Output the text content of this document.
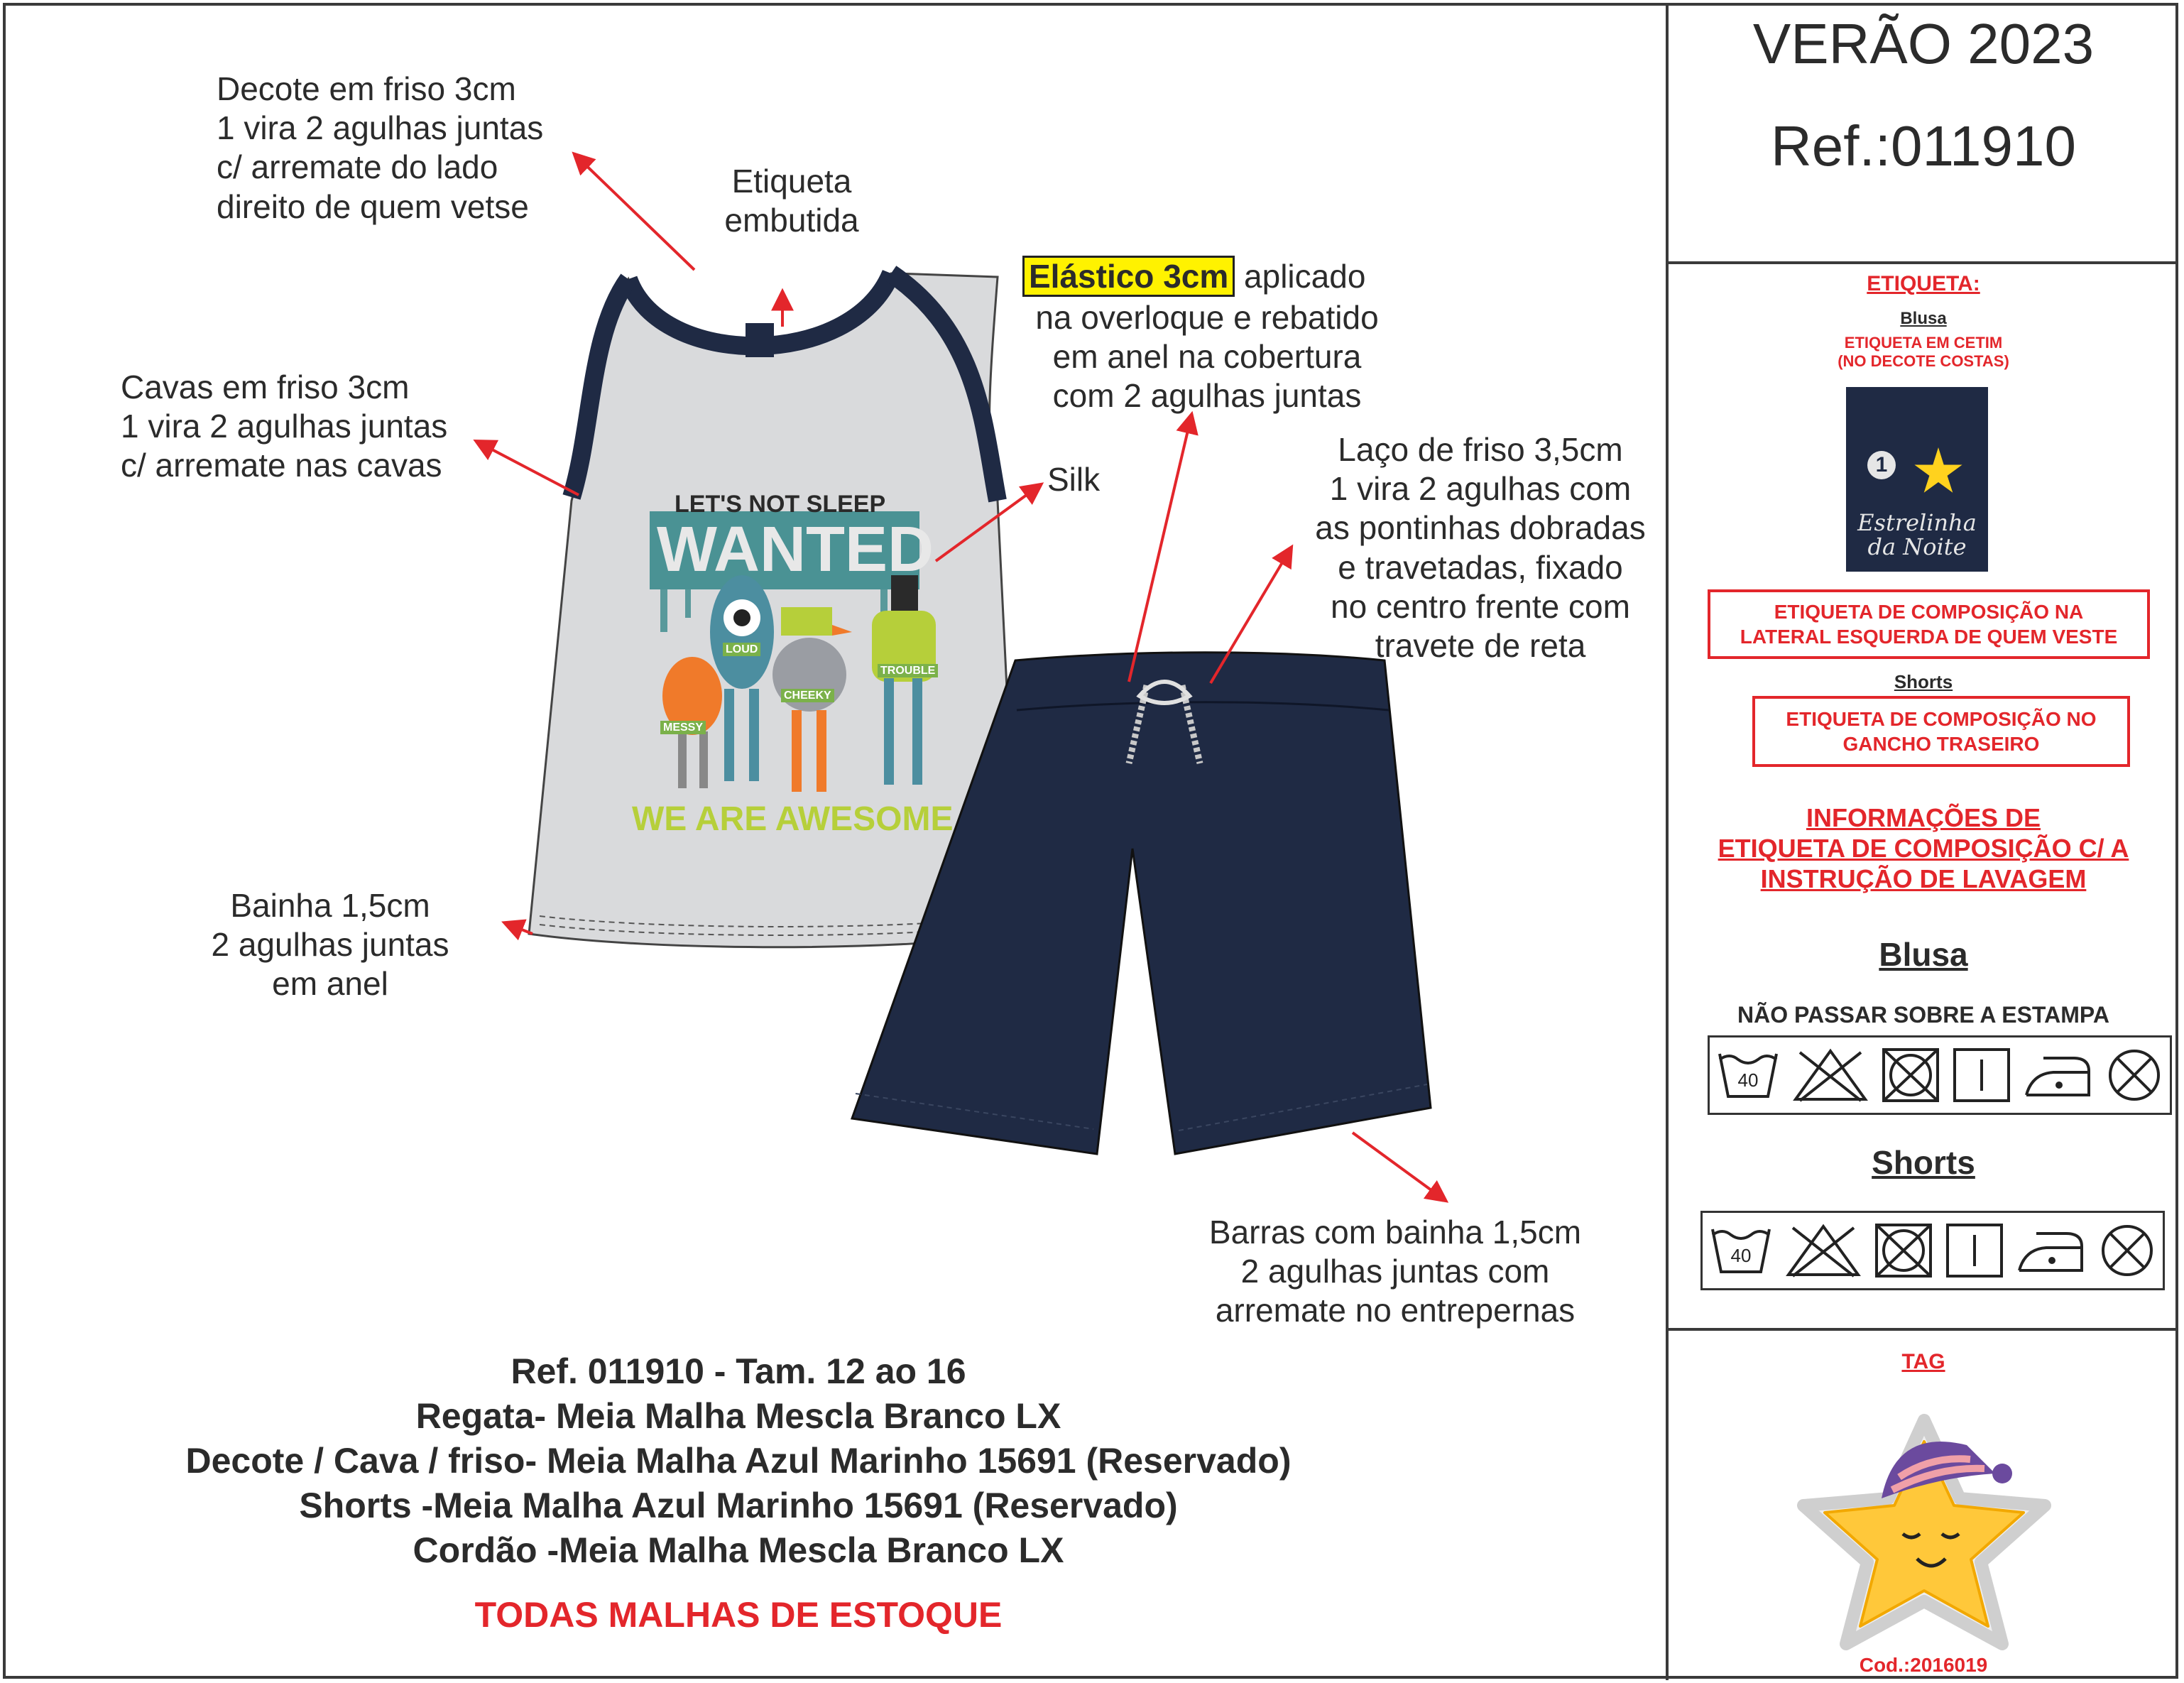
VERÃO 2023
Ref.:011910
LET'S NOT SLEEP
WANTED
WE ARE AWESOME
LOUD
CHEEKY
TROUBLE
MESSY
Decote em friso 3cm
1 vira 2 agulhas juntas
c/ arremate do lado
direito de quem vetse
Etiqueta
embutida
Cavas em friso 3cm
1 vira 2 agulhas juntas
c/ arremate nas cavas	Silk
Bainha 1,5cm
2 agulhas juntas
em anel
Elástico 3cm aplicado
na overloque e rebatido
em anel na cobertura
com 2 agulhas juntas
Laço de friso 3,5cm
1 vira 2 agulhas com
as pontinhas dobradas
e travetadas, fixado
no centro frente com
travete de reta
Barras com bainha 1,5cm
2 agulhas juntas com
arremate no entrepernas
Ref. 011910 - Tam. 12 ao 16
Regata- Meia Malha Mescla Branco LX
Decote / Cava / friso- Meia Malha Azul Marinho 15691 (Reservado)
Shorts -Meia Malha Azul Marinho 15691 (Reservado)
Cordão -Meia Malha Mescla Branco LX
TODAS MALHAS DE ESTOQUE
ETIQUETA:
Blusa
ETIQUETA EM CETIM
(NO DECOTE COSTAS)
1
Estrelinha
da Noite
ETIQUETA DE COMPOSIÇÃO NA
LATERAL ESQUERDA DE QUEM VESTE
Shorts
ETIQUETA DE COMPOSIÇÃO NO
GANCHO TRASEIRO
INFORMAÇÕES DE
ETIQUETA DE COMPOSIÇÃO C/ A
INSTRUÇÃO DE LAVAGEM
Blusa
NÃO PASSAR SOBRE A ESTAMPA
40
Shorts
40
TAG
Cod.:2016019
